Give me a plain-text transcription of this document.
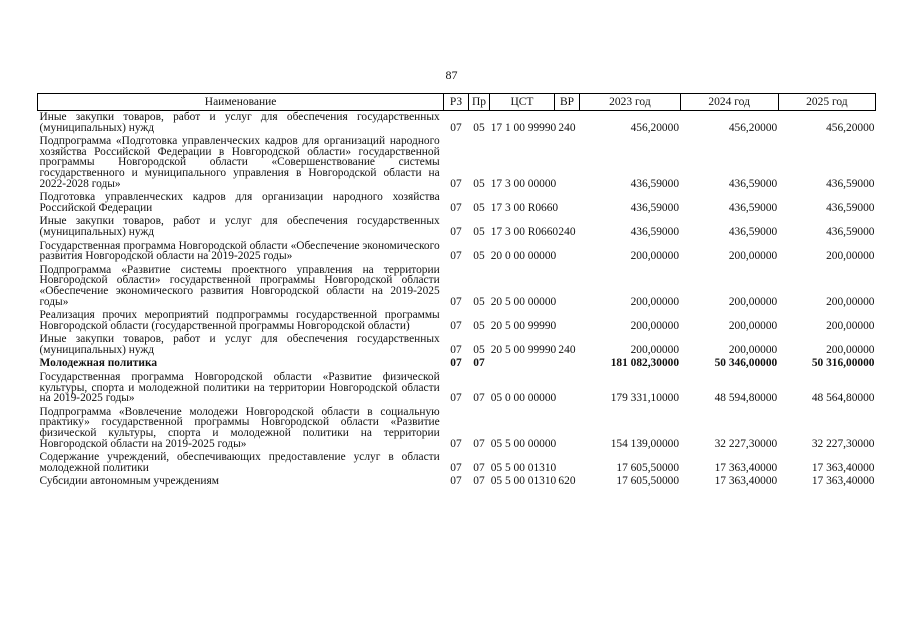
87
Наименование	РЗ	Пр	ЦСТ	ВР	2023 год	2024 год	2025 год
Иные закупки товаров, работ и услуг для обеспечения государственных (муниципальных) нужд	07	05	17 1 00 99990	240	456,20000	456,20000	456,20000
Подпрограмма «Подготовка управленческих кадров для организаций народного хозяйства Российской Федерации в Новгородской области» государственной программы Новгородской области «Совершенствование системы государственного и муниципального управления в Новгородской области на 2022-2028 годы»	07	05	17 3 00 00000		436,59000	436,59000	436,59000
Подготовка управленческих кадров для организации народного хозяйства Российской Федерации	07	05	17 3 00 R0660		436,59000	436,59000	436,59000
Иные закупки товаров, работ и услуг для обеспечения государственных (муниципальных) нужд	07	05	17 3 00 R0660	240	436,59000	436,59000	436,59000
Государственная программа Новгородской области «Обеспечение экономического развития Новгородской области на 2019-2025 годы»	07	05	20 0 00 00000		200,00000	200,00000	200,00000
Подпрограмма «Развитие системы проектного управления на территории Новгородской области» государственной программы Новгородской области «Обеспечение экономического развития Новгородской области на 2019-2025 годы»	07	05	20 5 00 00000		200,00000	200,00000	200,00000
Реализация прочих мероприятий подпрограммы государственной программы Новгородской области (государственной программы Новгородской области)	07	05	20 5 00 99990		200,00000	200,00000	200,00000
Иные закупки товаров, работ и услуг для обеспечения государственных (муниципальных) нужд	07	05	20 5 00 99990	240	200,00000	200,00000	200,00000
Молодежная политика	07	07			181 082,30000	50 346,00000	50 316,00000
Государственная программа Новгородской области «Развитие физической культуры, спорта и молодежной политики на территории Новгородской области на 2019-2025 годы»	07	07	05 0 00 00000		179 331,10000	48 594,80000	48 564,80000
Подпрограмма «Вовлечение молодежи Новгородской области в социальную практику» государственной программы Новгородской области «Развитие физической культуры, спорта и молодежной политики на территории Новгородской области на 2019-2025 годы»	07	07	05 5 00 00000		154 139,00000	32 227,30000	32 227,30000
Содержание учреждений, обеспечивающих предоставление услуг в области молодежной политики	07	07	05 5 00 01310		17 605,50000	17 363,40000	17 363,40000
Субсидии автономным учреждениям	07	07	05 5 00 01310	620	17 605,50000	17 363,40000	17 363,40000
